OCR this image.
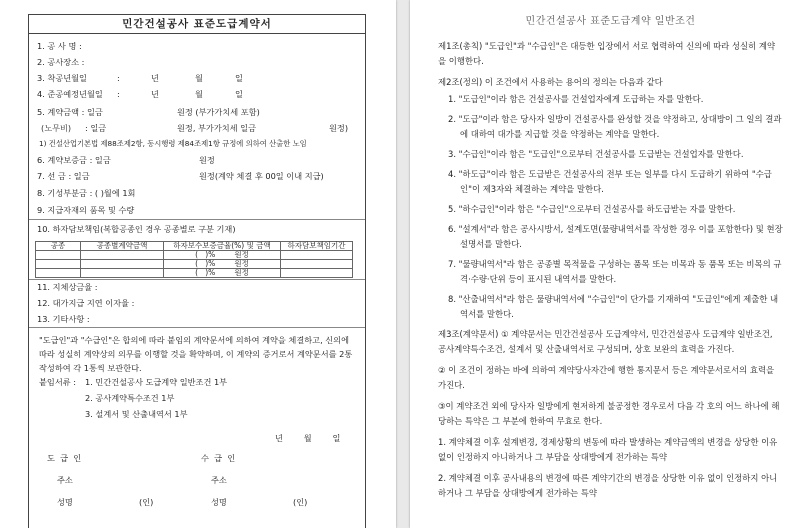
민간건설공사 표준도급계약서
1. 공 사 명 :
2. 공사장소 :
3. 착공년월일	:	년	월	일
4. 준공예정년월일 :	년	월	일
5. 계약금액 : 일금	원정 (부가가치세 포함)
(노무비) : 일금	원정, 부가가치세 일금	원정)
1) 건설산업기본법 제88조제2항, 동시행령 제84조제1항 규정에 의하여 산출한 노임
6. 계약보증금 : 일금	원정
7. 선 금 : 일금	원정(계약 체결 후 00일 이내 지급)
8. 기성부분금 : ( )월에 1회
9. 지급자재의 품목 및 수량
10. 하자담보책임(복합공종인 경우 공종별로 구분 기재)
공종	공종별계약금액	하자보수보증금율(%) 및 금액	하자담보책임기간
		(   )%        원정	
		(   )%        원정	
		(   )%        원정	
11. 지체상금율 :
12. 대가지급 지연 이자율 :
13. 기타사항 :
"도급인"과 "수급인"은 합의에 따라 붙임의 계약문서에 의하여 계약을 체결하고, 신의에 따라 성실히 계약상의 의무를 이행할 것을 확약하며, 이 계약의 증거로서 계약문서를 2통 작성하여 각 1통씩 보관한다.
붙임서류 : 1. 민간건설공사 도급계약 일반조건 1부
2. 공사계약특수조건 1부
3. 설계서 및 산출내역서 1부
년        월        일
도  급  인	수  급  인
주소	주소
성명	(인)	성명	(인)
민간건설공사 표준도급계약 일반조건

제1조(총칙) "도급인"과 "수급인"은 대등한 입장에서 서로 협력하여 신의에 따라 성실히 계약을 이행한다.

제2조(정의) 이 조건에서 사용하는 용어의 정의는 다음과 같다

1. "도급인"이라 함은 건설공사를 건설업자에게 도급하는 자를 말한다.

2. "도급"이라 함은 당사자 일방이 건설공사를 완성할 것을 약정하고, 상대방이 그 일의 결과에 대하여 대가를 지급할 것을 약정하는 계약을 말한다.

3. "수급인"이라 함은 "도급인"으로부터 건설공사를 도급받는 건설업자를 말한다.

4. "하도급"이라 함은 도급받은 건설공사의 전부 또는 일부를 다시 도급하기 위하여 "수급인"이 제3자와 체결하는 계약을 말한다.

5. "하수급인"이라 함은 "수급인"으로부터 건설공사를 하도급받는 자를 말한다.

6. "설계서"라 함은 공사시방서, 설계도면(물량내역서를 작성한 경우 이를 포함한다) 및 현장설명서를 말한다.

7. "물량내역서"라 함은 공종별 목적물을 구성하는 품목 또는 비목과 동 품목 또는 비목의 규격·수량·단위 등이 표시된 내역서를 말한다.

8. "산출내역서"라 함은 물량내역서에 "수급인"이 단가를 기재하여 "도급인"에게 제출한 내역서를 말한다.

제3조(계약문서) ① 계약문서는 민간건설공사 도급계약서, 민간건설공사 도급계약 일반조건, 공사계약특수조건, 설계서 및 산출내역서로 구성되며, 상호 보완의 효력을 가진다.

② 이 조건이 정하는 바에 의하여 계약당사자간에 행한 통지문서 등은 계약문서로서의 효력을 가진다.

③이 계약조건 외에 당사자 일방에게 현저하게 불공정한 경우로서 다음 각 호의 어느 하나에 해당하는 특약은 그 부분에 한하여 무효로 한다.

1. 계약체결 이후 설계변경, 경제상황의 변동에 따라 발생하는 계약금액의 변경을 상당한 이유 없이 인정하지 아니하거나 그 부담을 상대방에게 전가하는 특약

2. 계약체결 이후 공사내용의 변경에 따른 계약기간의 변경을 상당한 이유 없이 인정하지 아니하거나 그 부담을 상대방에게 전가하는 특약
